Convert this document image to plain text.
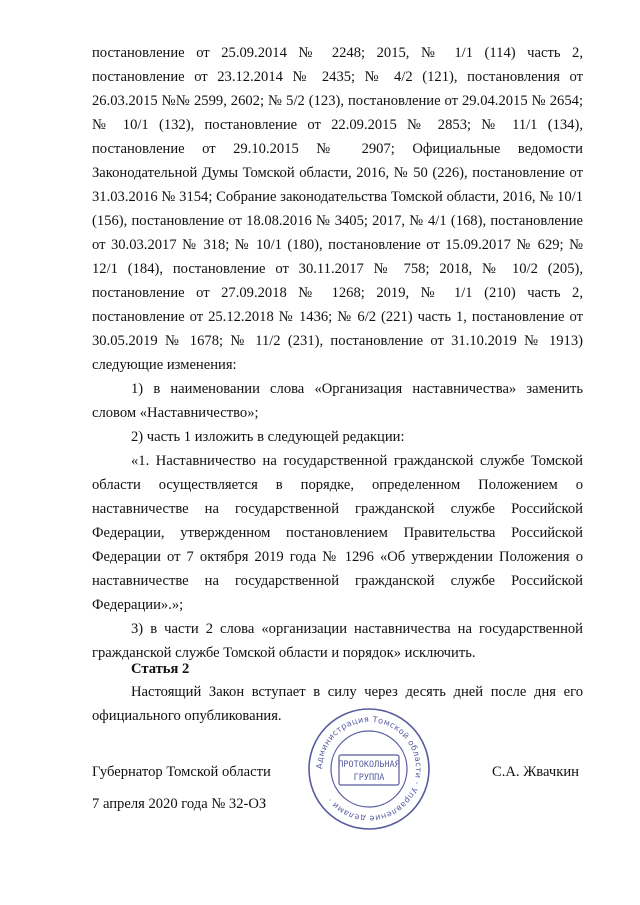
постановление от 25.09.2014 № 2248; 2015, № 1/1 (114) часть 2, постановление от 23.12.2014 № 2435; № 4/2 (121), постановления от 26.03.2015 №№ 2599, 2602; № 5/2 (123), постановление от 29.04.2015 № 2654; № 10/1 (132), постановление от 22.09.2015 № 2853; № 11/1 (134), постановление от 29.10.2015 № 2907; Официальные ведомости Законодательной Думы Томской области, 2016, № 50 (226), постановление от 31.03.2016 № 3154; Собрание законодательства Томской области, 2016, № 10/1 (156), постановление от 18.08.2016 № 3405; 2017, № 4/1 (168), постановление от 30.03.2017 № 318; № 10/1 (180), постановление от 15.09.2017 № 629; № 12/1 (184), постановление от 30.11.2017 № 758; 2018, № 10/2 (205), постановление от 27.09.2018 № 1268; 2019, № 1/1 (210) часть 2, постановление от 25.12.2018 № 1436; № 6/2 (221) часть 1, постановление от 30.05.2019 № 1678; № 11/2 (231), постановление от 31.10.2019 № 1913) следующие изменения:

1) в наименовании слова «Организация наставничества» заменить словом «Наставничество»;

2) часть 1 изложить в следующей редакции:

«1. Наставничество на государственной гражданской службе Томской области осуществляется в порядке, определенном Положением о наставничестве на государственной гражданской службе Российской Федерации, утвержденном постановлением Правительства Российской Федерации от 7 октября 2019 года № 1296 «Об утверждении Положения о наставничестве на государственной гражданской службе Российской Федерации».»;

3) в части 2 слова «организации наставничества на государственной гражданской службе Томской области и порядок» исключить.

Статья 2

Настоящий Закон вступает в силу через десять дней после дня его официального опубликования.

Губернатор Томской области	С.А. Жвачкин

7 апреля 2020 года № 32-ОЗ

Администрация Томской области · Управление делами ·
ПРОТОКОЛЬНАЯ
ГРУППА
